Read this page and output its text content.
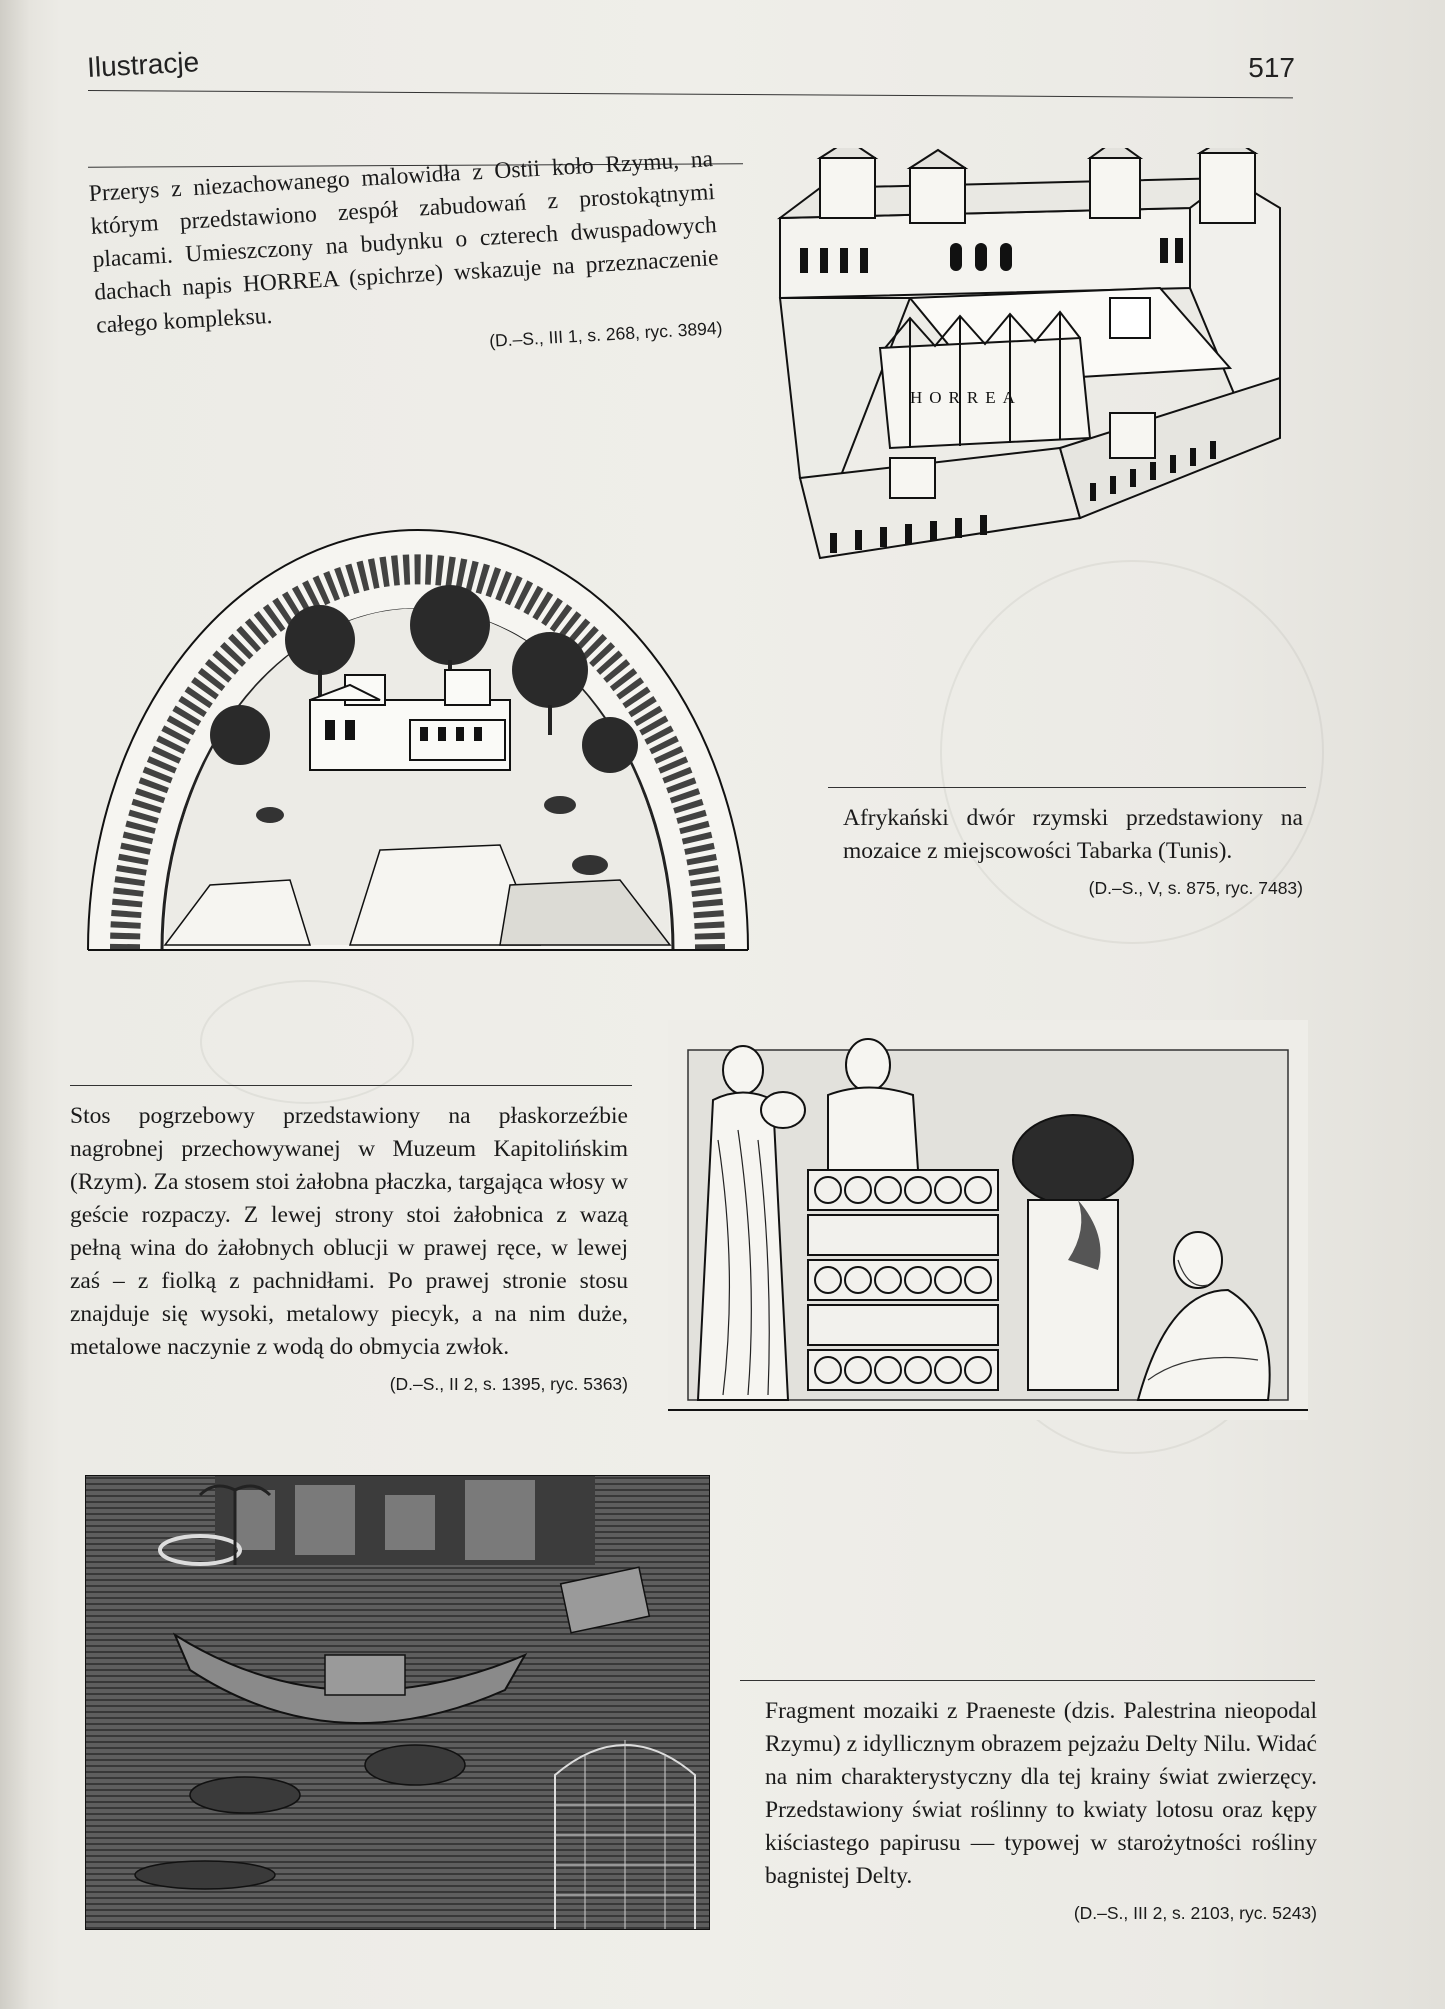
Ilustracje	517

Przerys z niezachowanego malowidła z Ostii koło Rzymu, na którym przedstawiono zespół zabudowań z prostokątnymi placami. Umieszczony na budynku o czterech dwuspadowych dachach napis HORREA (spichrze) wskazuje na przeznaczenie całego kompleksu.	(D.–S., III 1, s. 268, ryc. 3894)
HORREA

Afrykański dwór rzymski przedstawiony na mozaice z miejscowości Tabarka (Tunis).

(D.–S., V, s. 875, ryc. 7483)

Stos pogrzebowy przedstawiony na płaskorzeźbie nagrobnej przechowywanej w Muzeum Kapitolińskim (Rzym). Za stosem stoi żałobna płaczka, targająca włosy w geście rozpaczy. Z lewej strony stoi żałobnica z wazą pełną wina do żałobnych oblucji w prawej ręce, w lewej zaś – z fiolką z pachnidłami. Po prawej stronie stosu znajduje się wysoki, metalowy piecyk, a na nim duże, metalowe naczynie z wodą do obmycia zwłok.

(D.–S., II 2, s. 1395, ryc. 5363)

Fragment mozaiki z Praeneste (dzis. Palestrina nieopodal Rzymu) z idyllicznym obrazem pejzażu Delty Nilu. Widać na nim charakterystyczny dla tej krainy świat zwierzęcy. Przedstawiony świat roślinny to kwiaty lotosu oraz kępy kiściastego papirusu — typowej w starożytności rośliny bagnistej Delty.

(D.–S., III 2, s. 2103, ryc. 5243)
